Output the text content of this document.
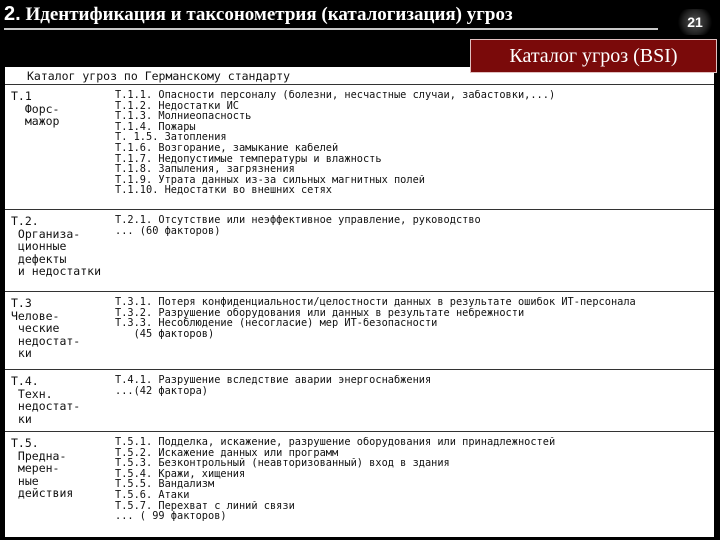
2. Идентификация и таксонометрия (каталогизация) угроз	21
Каталог угроз (BSI)
Каталог угроз по Германскому стандарту
Т.1
Форс-
мажор
Т.1.1. Опасности персоналу (болезни, несчастные случаи, забастовки,...)
Т.1.2. Недостатки ИС
Т.1.3. Молниеопасность
Т.1.4. Пожары
Т. 1.5. Затопления
Т.1.6. Возгорание, замыкание кабелей
Т.1.7. Недопустимые температуры и влажность
Т.1.8. Запыления, загрязнения
Т.1.9. Утрата данных из-за сильных магнитных полей
Т.1.10. Недостатки во внешних сетях
Т.2.
Организа-
ционные
дефекты
и недостатки
Т.2.1. Отсутствие или неэффективное управление, руководство
... (60 факторов)
Т.3
Челове-
ческие
недостат-
ки
Т.3.1. Потеря конфиденциальности/целостности данных в результате ошибок ИТ-персонала
Т.3.2. Разрушение оборудования или данных в результате небрежности
Т.3.3. Несоблюдение (несогласие) мер ИТ-безопасности
(45 факторов)
Т.4.
Техн.
недостат-
ки
Т.4.1. Разрушение вследствие аварии энергоснабжения
...(42 фактора)
Т.5.
Предна-
мерен-
ные
действия
Т.5.1. Подделка, искажение, разрушение оборудования или принадлежностей
Т.5.2. Искажение данных или программ
Т.5.3. Безконтрольный (неавторизованный) вход в здания
Т.5.4. Кражи, хищения
Т.5.5. Вандализм
Т.5.6. Атаки
Т.5.7. Перехват с линий связи
... ( 99 факторов)
